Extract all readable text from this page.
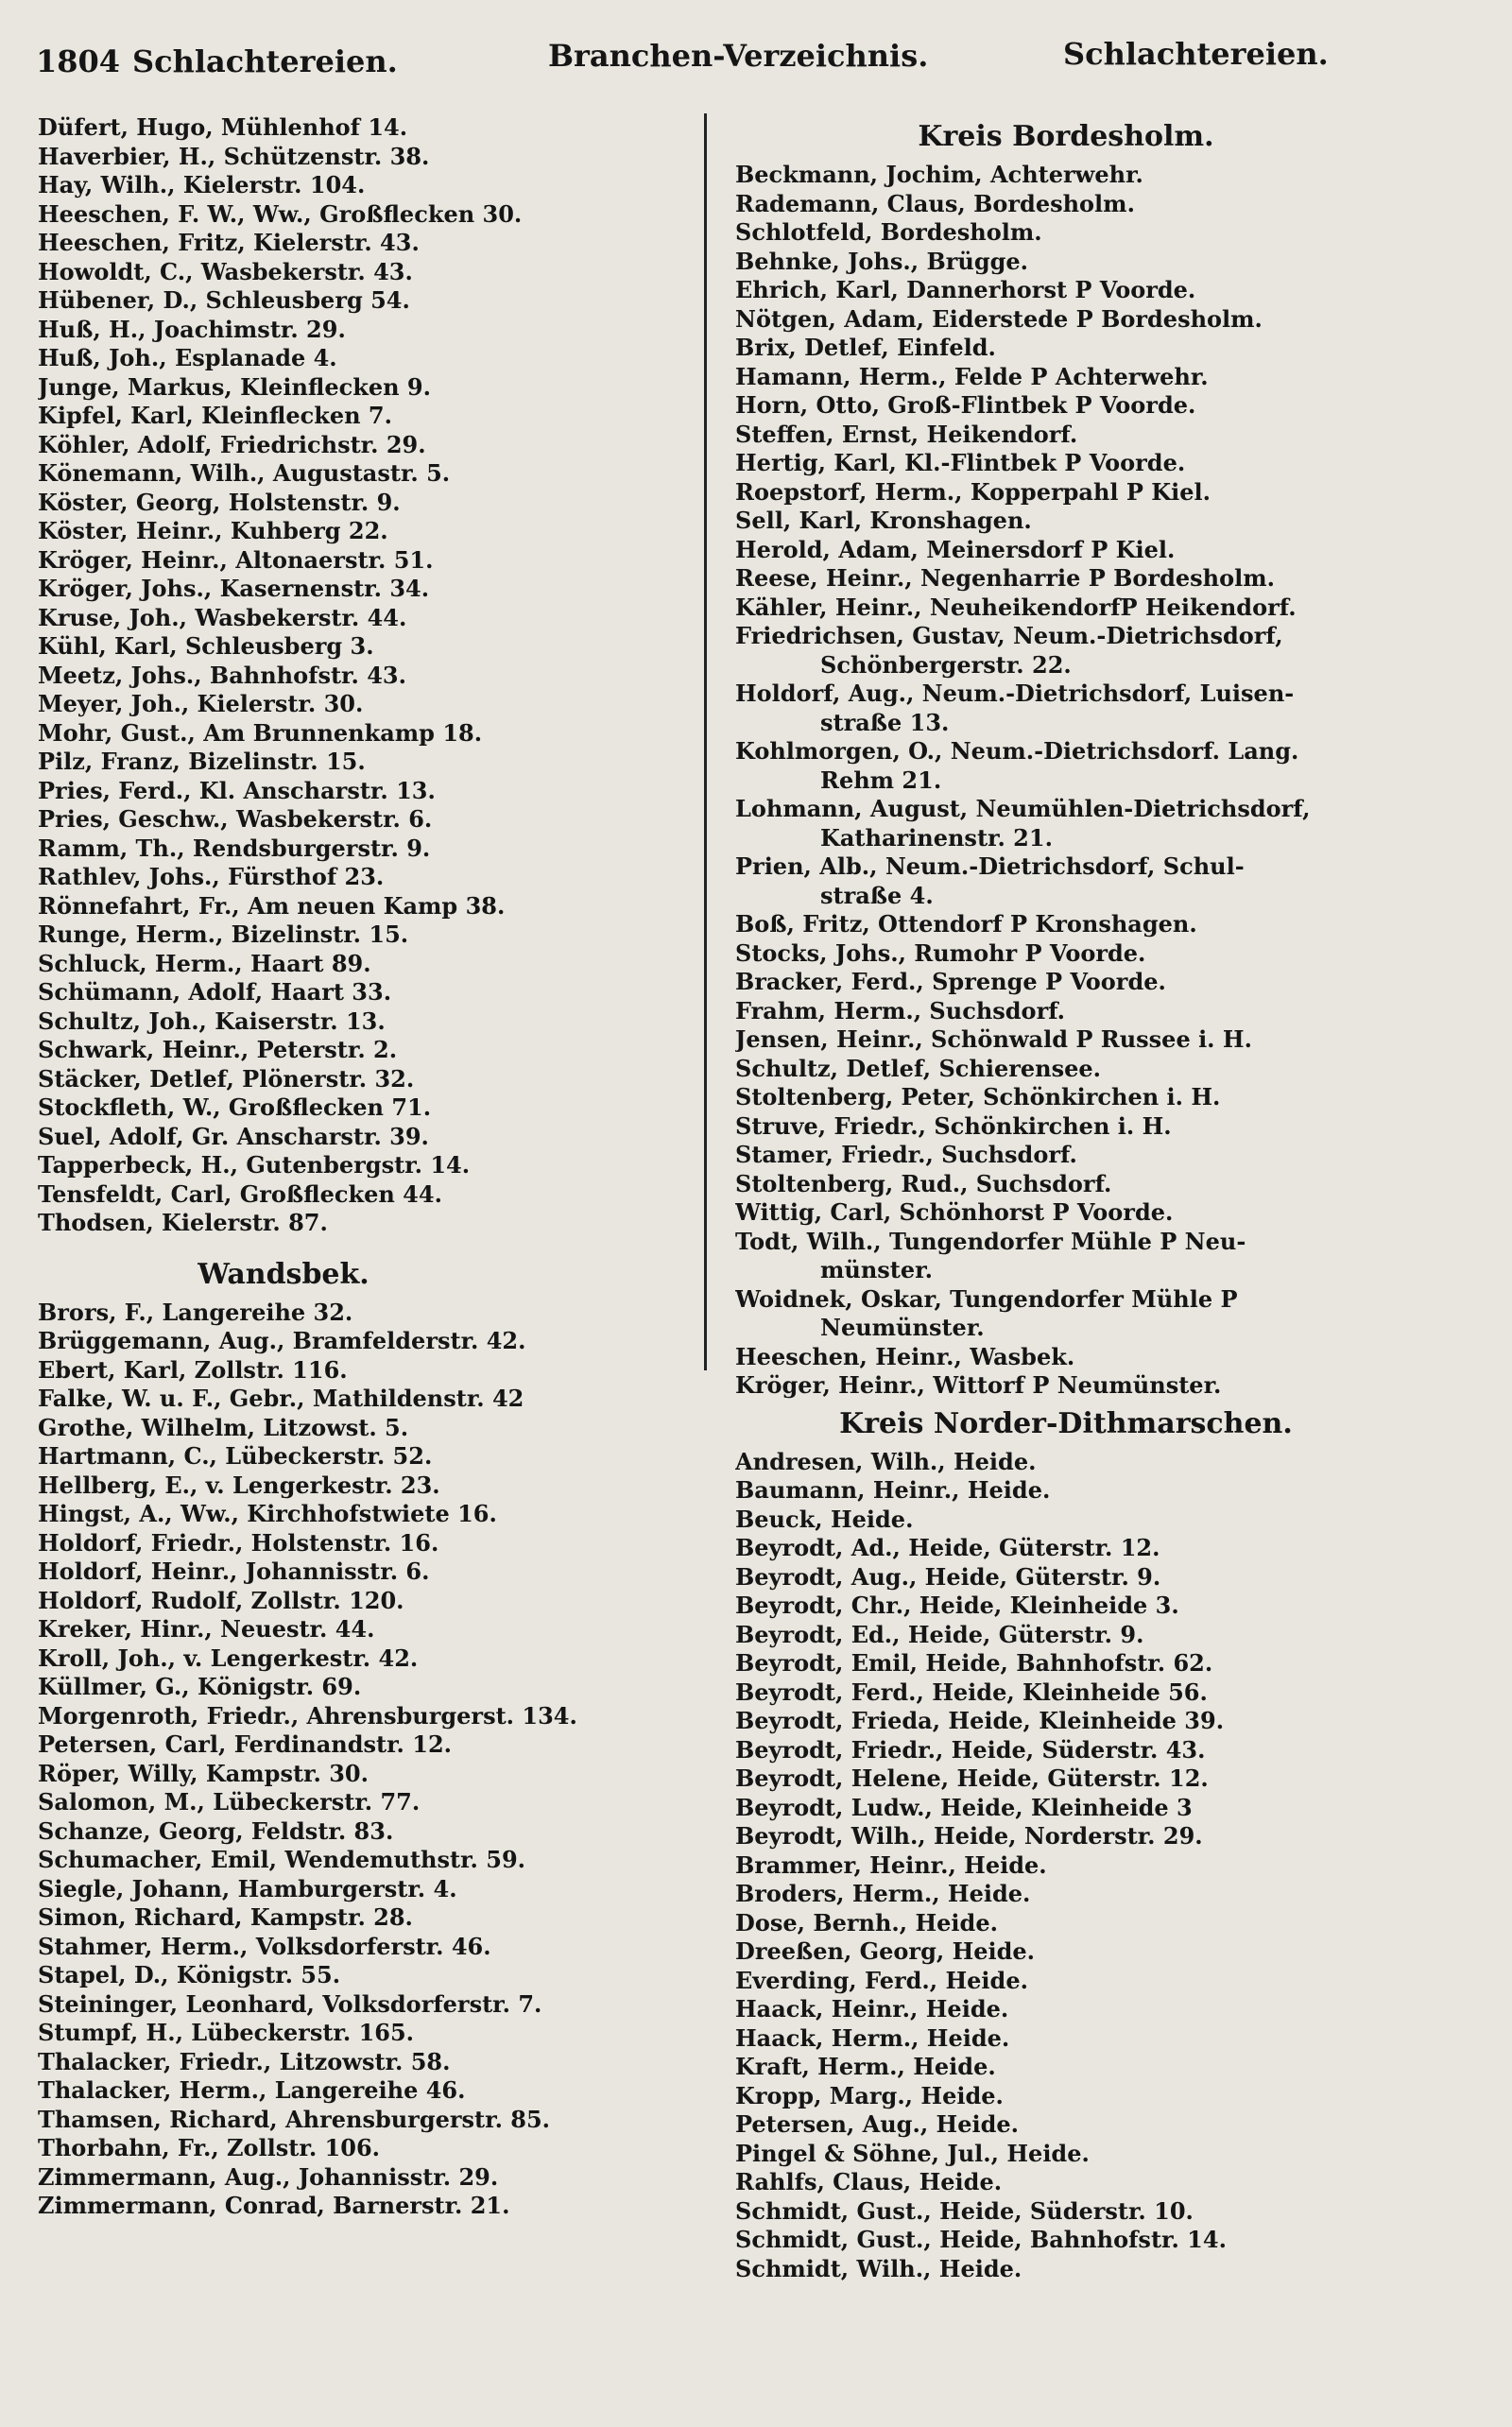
1804 Schlachtereien.	Branchen-Verzeichnis.	Schlachtereien.
Düfert, Hugo, Mühlenhof 14.
Haverbier, H., Schützenstr. 38.
Hay, Wilh., Kielerstr. 104.
Heeschen, F. W., Ww., Großflecken 30.
Heeschen, Fritz, Kielerstr. 43.
Howoldt, C., Wasbekerstr. 43.
Hübener, D., Schleusberg 54.
Huß, H., Joachimstr. 29.
Huß, Joh., Esplanade 4.
Junge, Markus, Kleinflecken 9.
Kipfel, Karl, Kleinflecken 7.
Köhler, Adolf, Friedrichstr. 29.
Könemann, Wilh., Augustastr. 5.
Köster, Georg, Holstenstr. 9.
Köster, Heinr., Kuhberg 22.
Kröger, Heinr., Altonaerstr. 51.
Kröger, Johs., Kasernenstr. 34.
Kruse, Joh., Wasbekerstr. 44.
Kühl, Karl, Schleusberg 3.
Meetz, Johs., Bahnhofstr. 43.
Meyer, Joh., Kielerstr. 30.
Mohr, Gust., Am Brunnenkamp 18.
Pilz, Franz, Bizelinstr. 15.
Pries, Ferd., Kl. Anscharstr. 13.
Pries, Geschw., Wasbekerstr. 6.
Ramm, Th., Rendsburgerstr. 9.
Rathlev, Johs., Fürsthof 23.
Rönnefahrt, Fr., Am neuen Kamp 38.
Runge, Herm., Bizelinstr. 15.
Schluck, Herm., Haart 89.
Schümann, Adolf, Haart 33.
Schultz, Joh., Kaiserstr. 13.
Schwark, Heinr., Peterstr. 2.
Stäcker, Detlef, Plönerstr. 32.
Stockfleth, W., Großflecken 71.
Suel, Adolf, Gr. Anscharstr. 39.
Tapperbeck, H., Gutenbergstr. 14.
Tensfeldt, Carl, Großflecken 44.
Thodsen, Kielerstr. 87.
Wandsbek.
Brors, F., Langereihe 32.
Brüggemann, Aug., Bramfelderstr. 42.
Ebert, Karl, Zollstr. 116.
Falke, W. u. F., Gebr., Mathildenstr. 42
Grothe, Wilhelm, Litzowst. 5.
Hartmann, C., Lübeckerstr. 52.
Hellberg, E., v. Lengerkestr. 23.
Hingst, A., Ww., Kirchhofstwiete 16.
Holdorf, Friedr., Holstenstr. 16.
Holdorf, Heinr., Johannisstr. 6.
Holdorf, Rudolf, Zollstr. 120.
Kreker, Hinr., Neuestr. 44.
Kroll, Joh., v. Lengerkestr. 42.
Küllmer, G., Königstr. 69.
Morgenroth, Friedr., Ahrensburgerst. 134.
Petersen, Carl, Ferdinandstr. 12.
Röper, Willy, Kampstr. 30.
Salomon, M., Lübeckerstr. 77.
Schanze, Georg, Feldstr. 83.
Schumacher, Emil, Wendemuthstr. 59.
Siegle, Johann, Hamburgerstr. 4.
Simon, Richard, Kampstr. 28.
Stahmer, Herm., Volksdorferstr. 46.
Stapel, D., Königstr. 55.
Steininger, Leonhard, Volksdorferstr. 7.
Stumpf, H., Lübeckerstr. 165.
Thalacker, Friedr., Litzowstr. 58.
Thalacker, Herm., Langereihe 46.
Thamsen, Richard, Ahrensburgerstr. 85.
Thorbahn, Fr., Zollstr. 106.
Zimmermann, Aug., Johannisstr. 29.
Zimmermann, Conrad, Barnerstr. 21.
Kreis Bordesholm.
Beckmann, Jochim, Achterwehr.
Rademann, Claus, Bordesholm.
Schlotfeld, Bordesholm.
Behnke, Johs., Brügge.
Ehrich, Karl, Dannerhorst P Voorde.
Nötgen, Adam, Eiderstede P Bordesholm.
Brix, Detlef, Einfeld.
Hamann, Herm., Felde P Achterwehr.
Horn, Otto, Groß-Flintbek P Voorde.
Steffen, Ernst, Heikendorf.
Hertig, Karl, Kl.-Flintbek P Voorde.
Roepstorf, Herm., Kopperpahl P Kiel.
Sell, Karl, Kronshagen.
Herold, Adam, Meinersdorf P Kiel.
Reese, Heinr., Negenharrie P Bordesholm.
Kähler, Heinr., NeuheikendorfP Heikendorf.
Friedrichsen, Gustav, Neum.-Dietrichsdorf,
Schönbergerstr. 22.
Holdorf, Aug., Neum.-Dietrichsdorf, Luisen-
straße 13.
Kohlmorgen, O., Neum.-Dietrichsdorf. Lang.
Rehm 21.
Lohmann, August, Neumühlen-Dietrichsdorf,
Katharinenstr. 21.
Prien, Alb., Neum.-Dietrichsdorf, Schul-
straße 4.
Boß, Fritz, Ottendorf P Kronshagen.
Stocks, Johs., Rumohr P Voorde.
Bracker, Ferd., Sprenge P Voorde.
Frahm, Herm., Suchsdorf.
Jensen, Heinr., Schönwald P Russee i. H.
Schultz, Detlef, Schierensee.
Stoltenberg, Peter, Schönkirchen i. H.
Struve, Friedr., Schönkirchen i. H.
Stamer, Friedr., Suchsdorf.
Stoltenberg, Rud., Suchsdorf.
Wittig, Carl, Schönhorst P Voorde.
Todt, Wilh., Tungendorfer Mühle P Neu-
münster.
Woidnek, Oskar, Tungendorfer Mühle P
Neumünster.
Heeschen, Heinr., Wasbek.
Kröger, Heinr., Wittorf P Neumünster.
Kreis Norder-Dithmarschen.
Andresen, Wilh., Heide.
Baumann, Heinr., Heide.
Beuck, Heide.
Beyrodt, Ad., Heide, Güterstr. 12.
Beyrodt, Aug., Heide, Güterstr. 9.
Beyrodt, Chr., Heide, Kleinheide 3.
Beyrodt, Ed., Heide, Güterstr. 9.
Beyrodt, Emil, Heide, Bahnhofstr. 62.
Beyrodt, Ferd., Heide, Kleinheide 56.
Beyrodt, Frieda, Heide, Kleinheide 39.
Beyrodt, Friedr., Heide, Süderstr. 43.
Beyrodt, Helene, Heide, Güterstr. 12.
Beyrodt, Ludw., Heide, Kleinheide 3
Beyrodt, Wilh., Heide, Norderstr. 29.
Brammer, Heinr., Heide.
Broders, Herm., Heide.
Dose, Bernh., Heide.
Dreeßen, Georg, Heide.
Everding, Ferd., Heide.
Haack, Heinr., Heide.
Haack, Herm., Heide.
Kraft, Herm., Heide.
Kropp, Marg., Heide.
Petersen, Aug., Heide.
Pingel & Söhne, Jul., Heide.
Rahlfs, Claus, Heide.
Schmidt, Gust., Heide, Süderstr. 10.
Schmidt, Gust., Heide, Bahnhofstr. 14.
Schmidt, Wilh., Heide.
